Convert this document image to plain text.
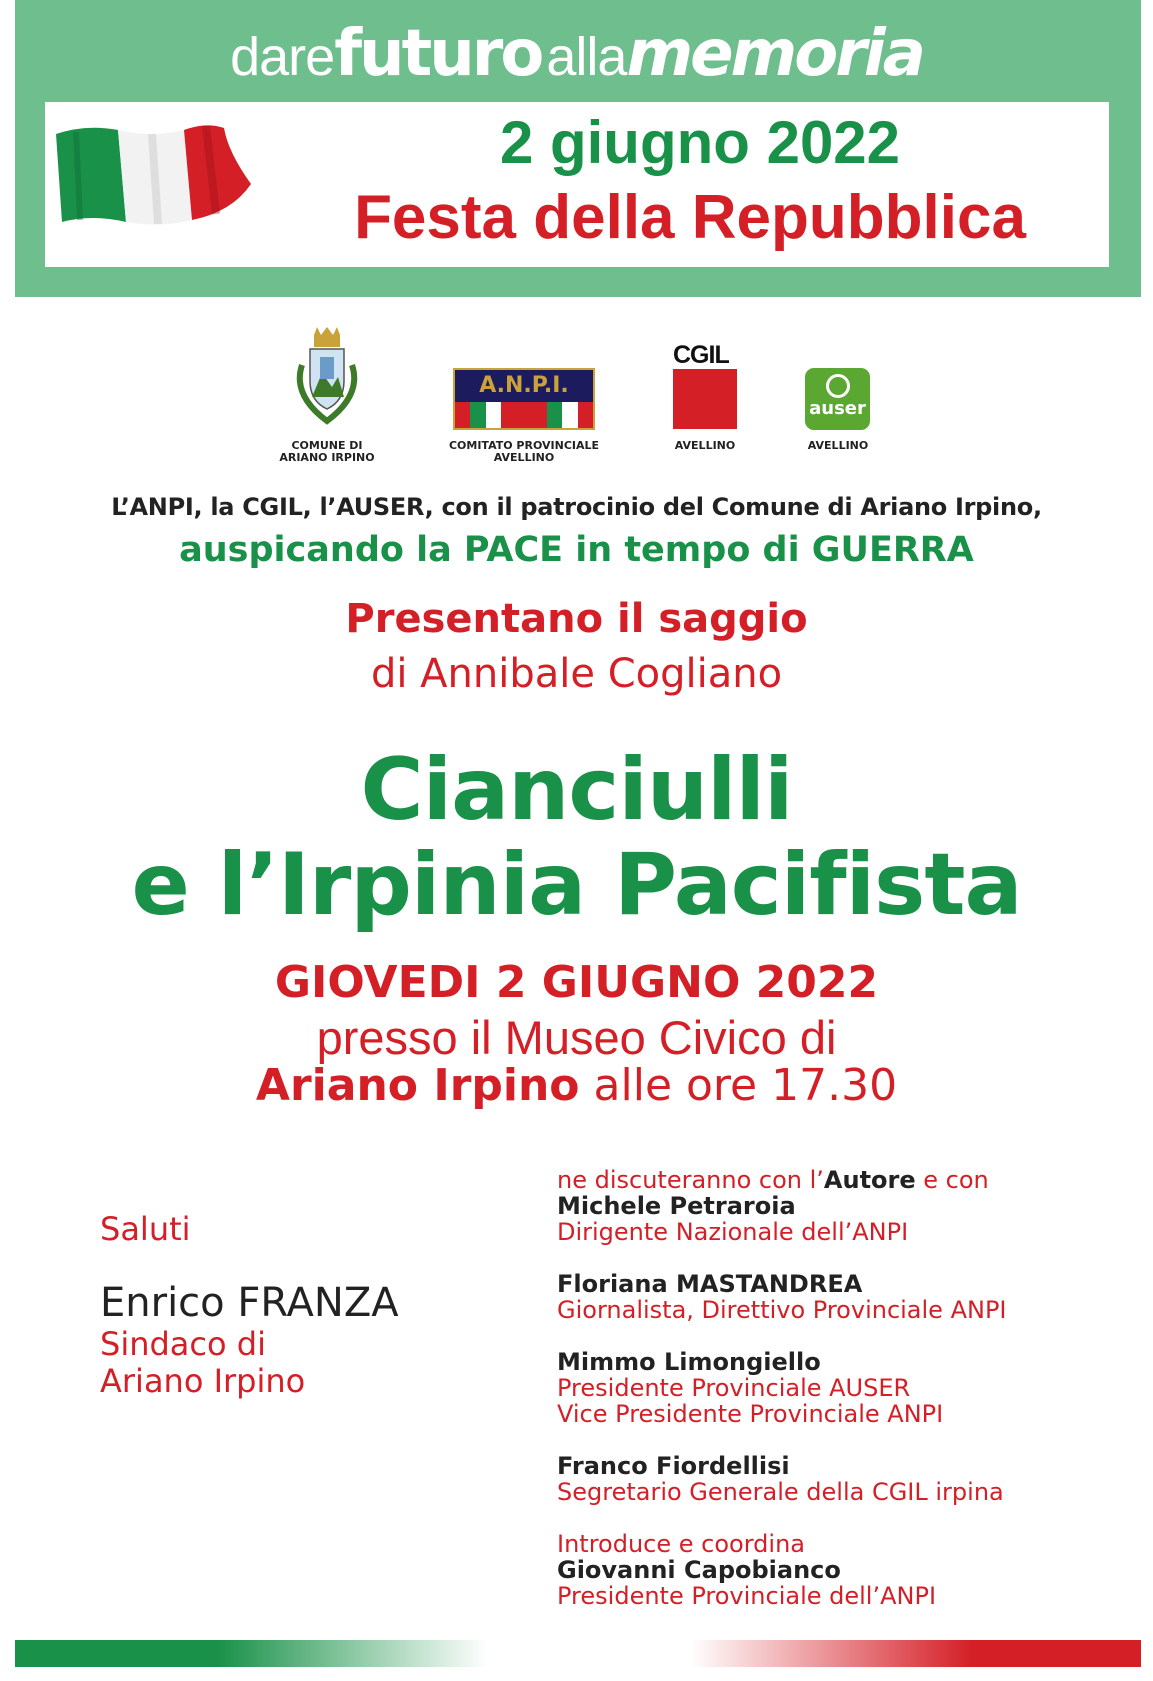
darefuturo allamemoria
2 giugno 2022
Festa della Repubblica
COMUNE DI
ARIANO IRPINO
A.N.P.I.
COMITATO PROVINCIALE
AVELLINO
CGIL
AVELLINO
auser
AVELLINO
L’ANPI, la CGIL, l’AUSER, con il patrocinio del Comune di Ariano Irpino,
auspicando la PACE in tempo di GUERRA
Presentano il saggio
di Annibale Cogliano
Cianciulli
e l’Irpinia Pacifista
GIOVEDI 2 GIUGNO 2022
presso il Museo Civico di
Ariano Irpino alle ore 17.30
Saluti
Enrico FRANZA
Sindaco di
Ariano Irpino
ne discuteranno con l’Autore e con
Michele Petraroia
Dirigente Nazionale dell’ANPI
Floriana MASTANDREA
Giornalista, Direttivo Provinciale ANPI
Mimmo Limongiello
Presidente Provinciale AUSER
Vice Presidente Provinciale ANPI
Franco Fiordellisi
Segretario Generale della CGIL irpina
Introduce e coordina
Giovanni Capobianco
Presidente Provinciale dell’ANPI
